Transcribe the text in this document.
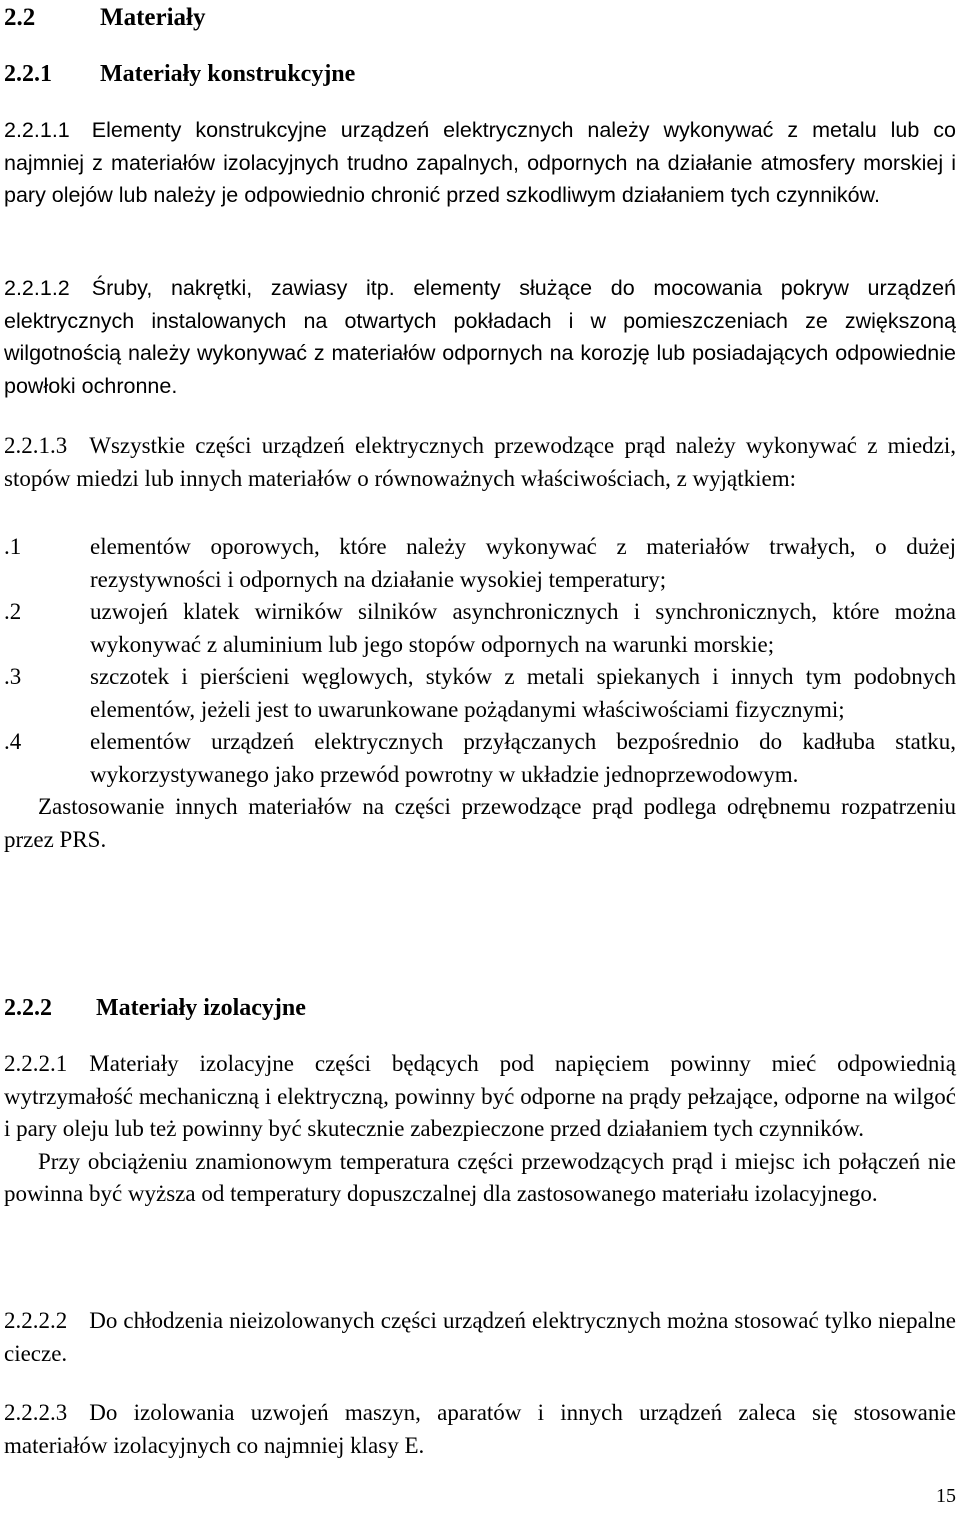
2.2	Materiały
2.2.1 Materiały konstrukcyjne

2.2.1.1 Elementy konstrukcyjne urządzeń elektrycznych należy wykonywać z metalu lub co najmniej z materiałów izolacyjnych trudno zapalnych, odpornych na działanie atmosfery morskiej i pary olejów lub należy je odpowiednio chronić przed szkodliwym działaniem tych czynników.

2.2.1.2 Śruby, nakrętki, zawiasy itp. elementy służące do mocowania pokryw urządzeń elektrycznych instalowanych na otwartych pokładach i w pomieszczeniach ze zwiększoną wilgotnością należy wykonywać z materiałów odpornych na korozję lub posiadających odpowiednie powłoki ochronne.

2.2.1.3 Wszystkie części urządzeń elektrycznych przewodzące prąd należy wykonywać z miedzi, stopów miedzi lub innych materiałów o równoważnych właściwościach, z wyjątkiem:

.1	elementów oporowych, które należy wykonywać z materiałów trwałych, o dużej rezystywności i odpornych na działanie wysokiej temperatury;
.2	uzwojeń klatek wirników silników asynchronicznych i synchronicznych, które można wykonywać z aluminium lub jego stopów odpornych na warunki morskie;
.3	szczotek i pierścieni węglowych, styków z metali spiekanych i innych tym podobnych elementów, jeżeli jest to uwarunkowane pożądanymi właściwościami fizycznymi;
.4	elementów urządzeń elektrycznych przyłączanych bezpośrednio do kadłuba statku, wykorzystywanego jako przewód powrotny w układzie jednoprzewodowym.

Zastosowanie innych materiałów na części przewodzące prąd podlega odrębnemu rozpatrzeniu przez PRS.

2.2.2 Materiały izolacyjne

2.2.2.1 Materiały izolacyjne części będących pod napięciem powinny mieć odpowiednią wytrzymałość mechaniczną i elektryczną, powinny być odporne na prądy pełzające, odporne na wilgoć i pary oleju lub też powinny być skutecznie zabezpieczone przed działaniem tych czynników.

Przy obciążeniu znamionowym temperatura części przewodzących prąd i miejsc ich połączeń nie powinna być wyższa od temperatury dopuszczalnej dla zastosowanego materiału izolacyjnego.

2.2.2.2 Do chłodzenia nieizolowanych części urządzeń elektrycznych można stosować tylko niepalne ciecze.

2.2.2.3 Do izolowania uzwojeń maszyn, aparatów i innych urządzeń zaleca się stosowanie materiałów izolacyjnych co najmniej klasy E.

15
